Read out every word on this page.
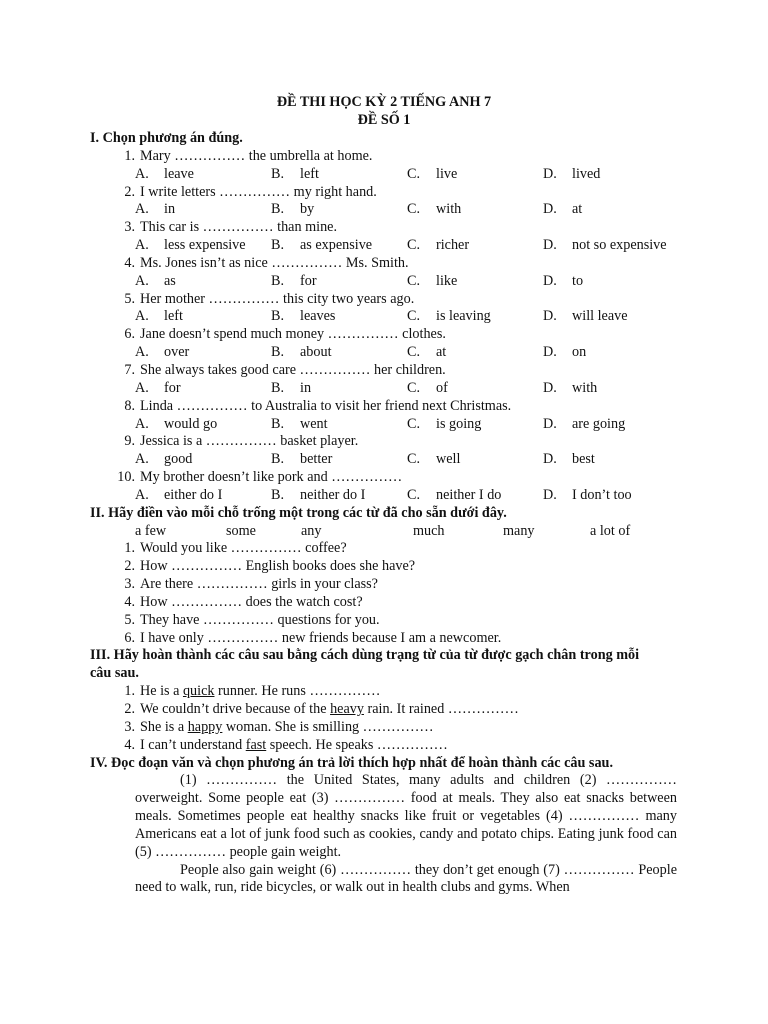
ĐỀ THI HỌC KỲ 2 TIẾNG ANH 7
ĐỀ SỐ 1
I. Chọn phương án đúng.
1. Mary …………… the umbrella at home.
A.	leave	B.	left	C.	live	D.	lived
2. I write letters …………… my right hand.
A.	in	B.	by	C.	with	D.	at
3. This car is …………… than mine.
A.	less expensive B.	as expensive C.	richer	D.	not so expensive
4. Ms. Jones isn’t as nice …………… Ms. Smith.
A.	as	B.	for	C.	like	D.	to
5. Her mother …………… this city two years ago.
A.	left	B.	leaves	C.	is leaving	D.	will leave
6. Jane doesn’t spend much money …………… clothes.
A.	over	B.	about	C.	at	D.	on
7. She always takes good care …………… her children.
A.	for	B.	in	C.	of	D.	with
8. Linda …………… to Australia to visit her friend next Christmas.
A.	would go	B.	went	C.	is going	D.	are going
9. Jessica is a …………… basket player.
A.	good	B.	better	C.	well	D.	best
10. My brother doesn’t like pork and ……………
A.	either do I	B.	neither do I	C.	neither I do	D.	I don’t too
II. Hãy điền vào mỗi chỗ trống một trong các từ đã cho sẵn dưới đây.
a few	some	any	much	many	a lot of
1. Would you like …………… coffee?
2. How …………… English books does she have?
3. Are there …………… girls in your class?
4. How …………… does the watch cost?
5. They have …………… questions for you.
6. I have only …………… new friends because I am a newcomer.
III. Hãy hoàn thành các câu sau bằng cách dùng trạng từ của từ được gạch chân trong mỗi
câu sau.
1. He is a quick runner. He runs ……………
2. We couldn’t drive because of the heavy rain. It rained ……………
3. She is a happy woman. She is smilling ……………
4. I can’t understand fast speech. He speaks ……………
IV. Đọc đoạn văn và chọn phương án trả lời thích hợp nhất để hoàn thành các câu sau.

(1) …………… the United States, many adults and children (2) …………… overweight. Some people eat (3) …………… food at meals. They also eat snacks between meals. Sometimes people eat healthy snacks like fruit or vegetables (4) …………… many Americans eat a lot of junk food such as cookies, candy and potato chips. Eating junk food can (5) …………… people gain weight.

People also gain weight (6) …………… they don’t get enough (7) …………… People need to walk, run, ride bicycles, or walk out in health clubs and gyms. When
